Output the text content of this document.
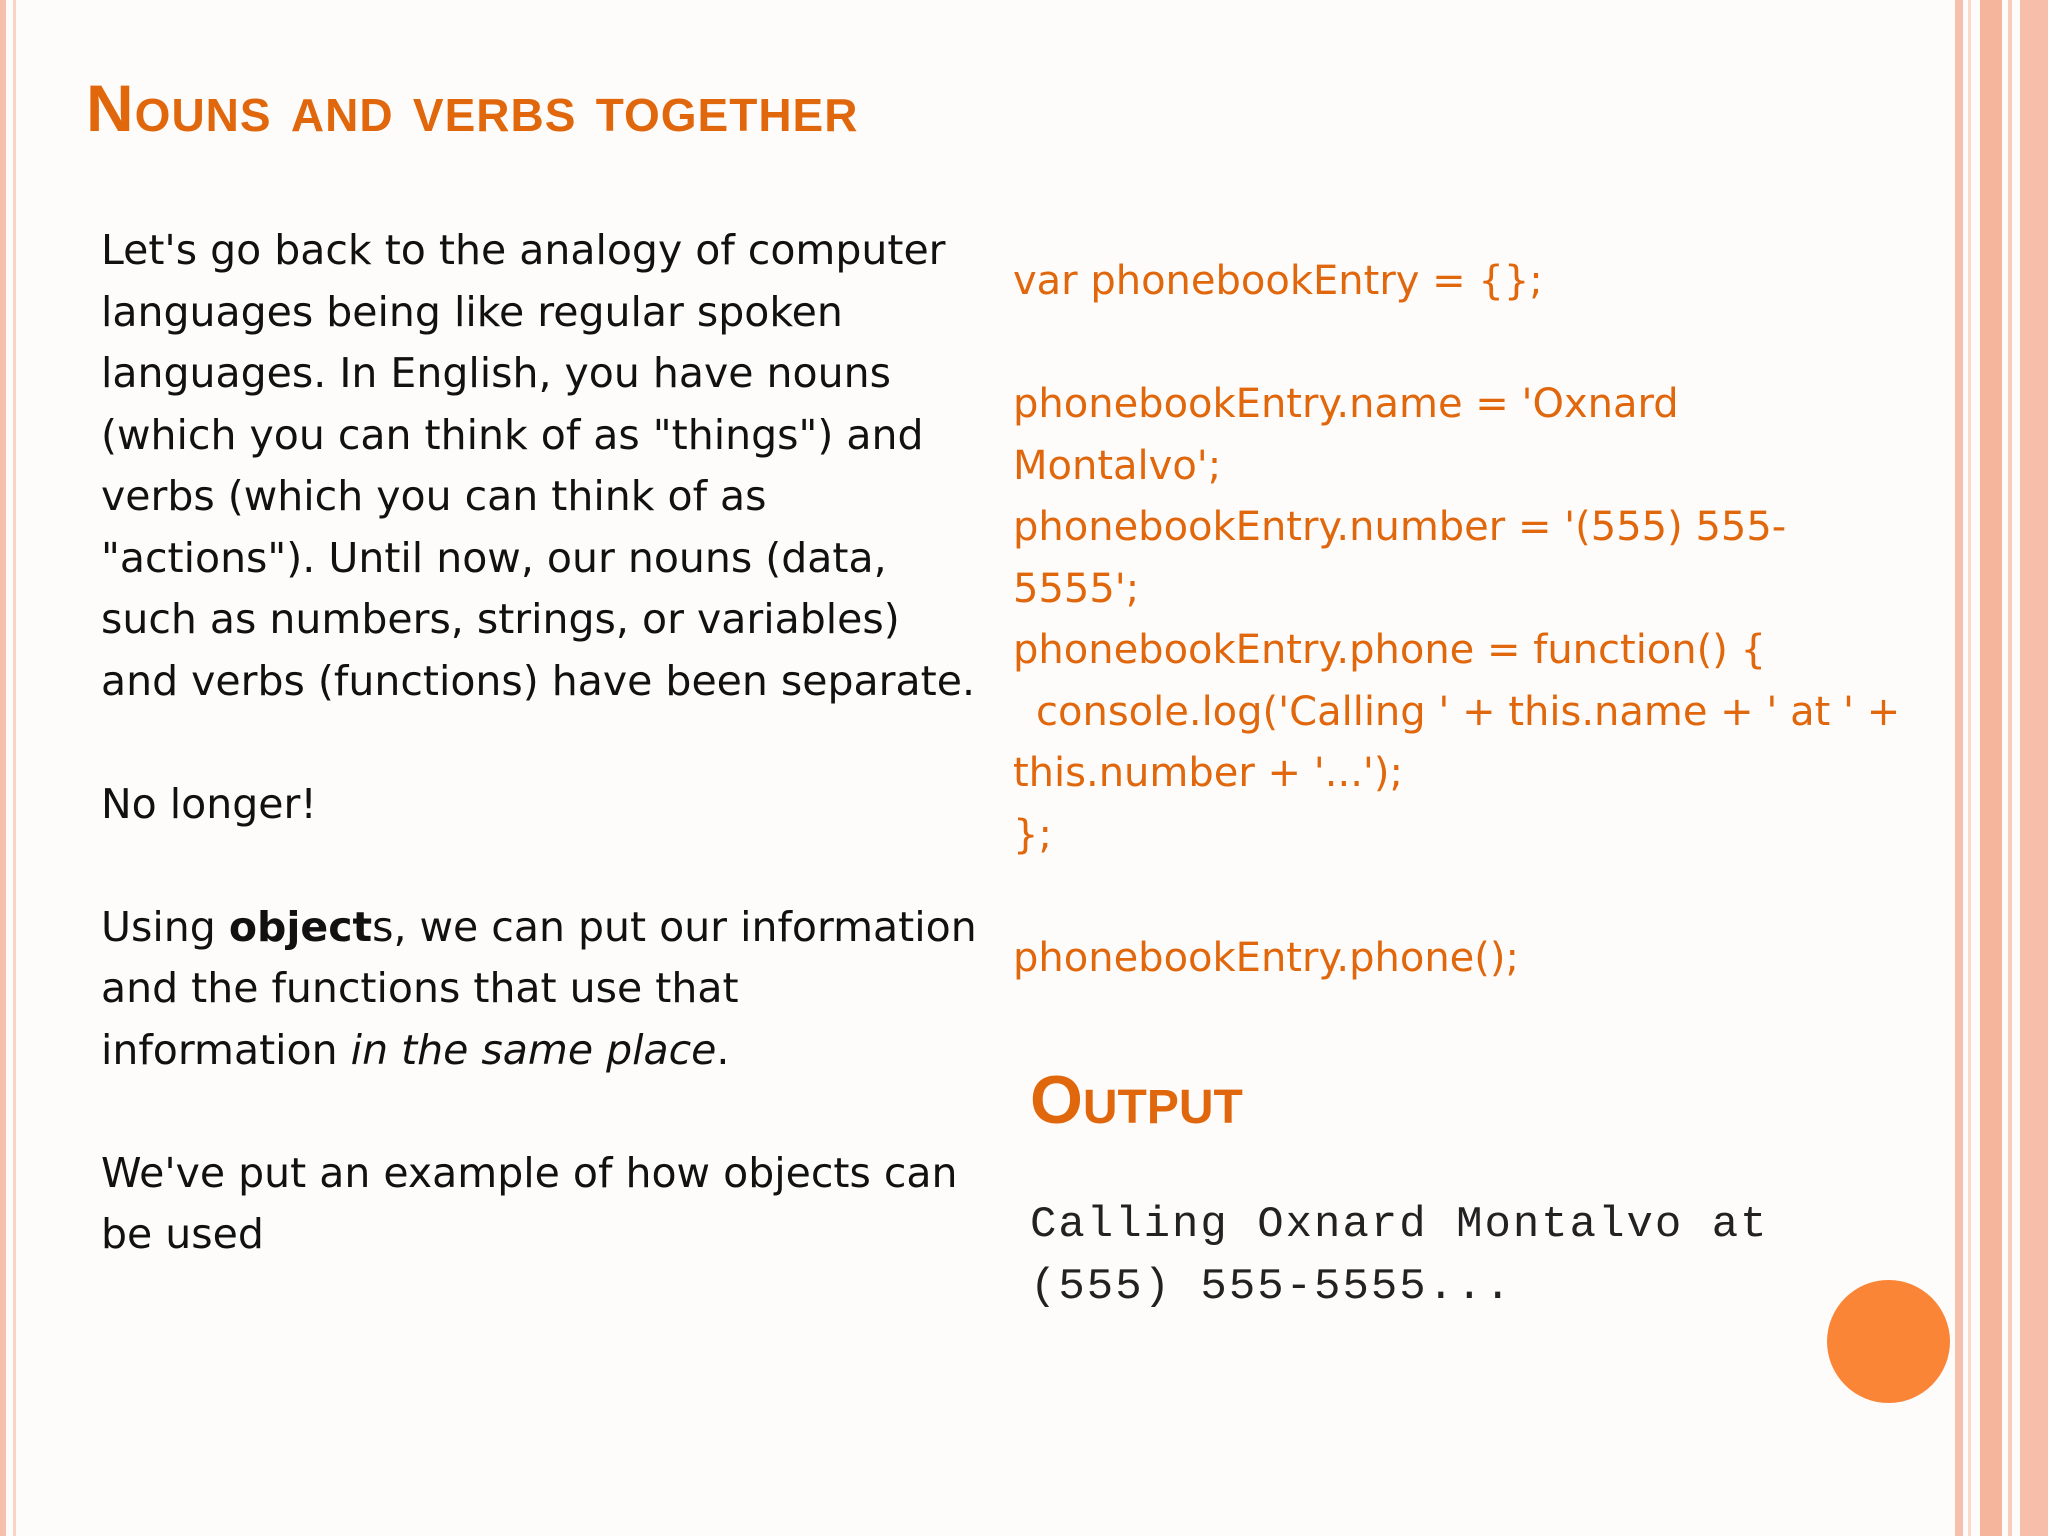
Nouns and verbs together

Let's go back to the analogy of computer languages being like regular spoken languages. In English, you have nouns (which you can think of as "things") and verbs (which you can think of as "actions"). Until now, our nouns (data, such as numbers, strings, or variables) and verbs (functions) have been separate.

No longer!

Using objects, we can put our information and the functions that use that information in the same place.

We've put an example of how objects can be used

var phonebookEntry = {};
phonebookEntry.name = 'Oxnard
Montalvo';
phonebookEntry.number = '(555) 555-
5555';
phonebookEntry.phone = function() {
console.log('Calling ' + this.name + ' at ' +
this.number + '...');
};
phonebookEntry.phone();
Output
Calling Oxnard Montalvo at
(555) 555-5555...
